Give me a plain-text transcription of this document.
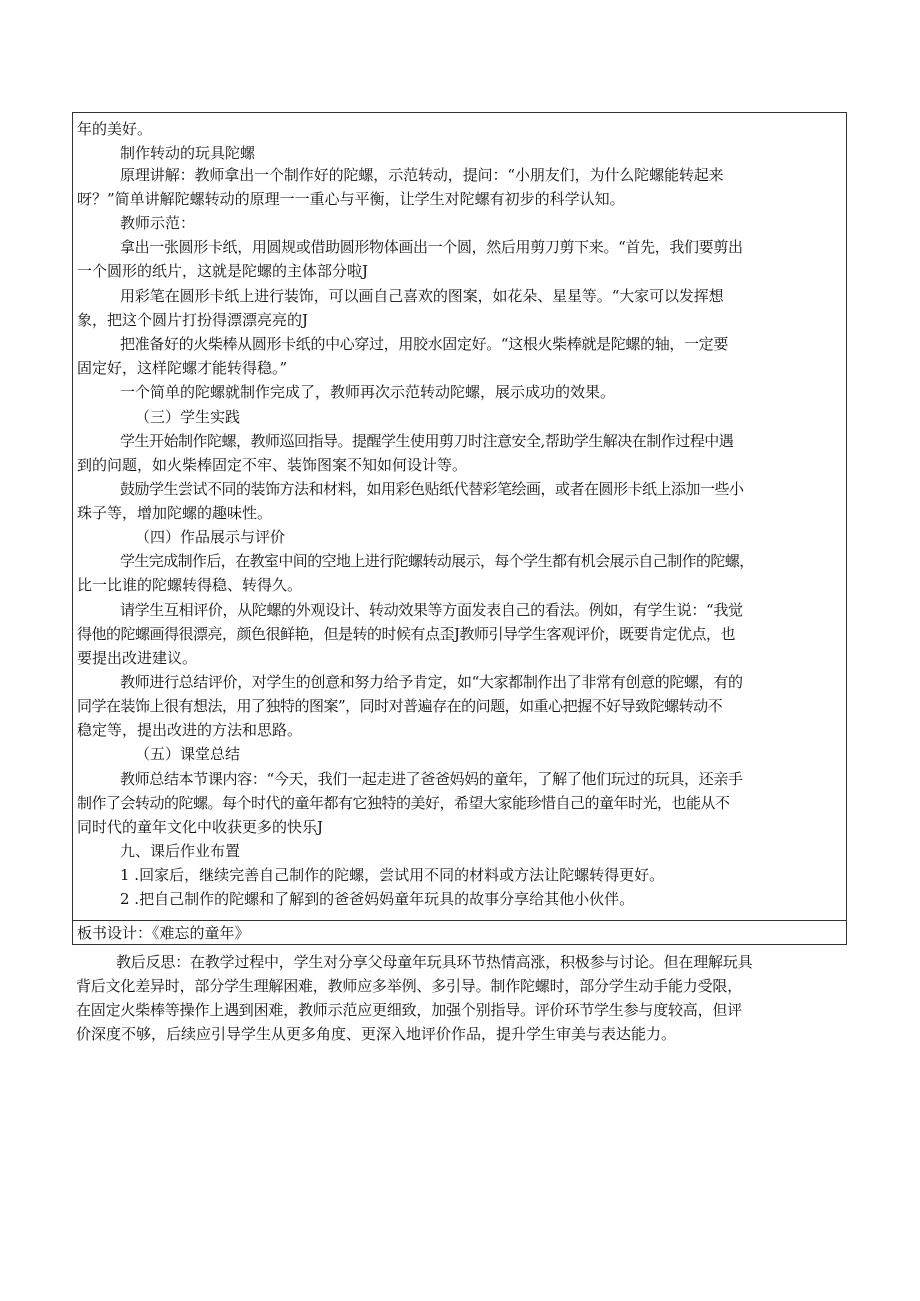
年的美好。

制作转动的玩具陀螺

原理讲解：教师拿出一个制作好的陀螺，示范转动，提问：“小朋友们，为什么陀螺能转起来

呀？”简单讲解陀螺转动的原理一一重心与平衡，让学生对陀螺有初步的科学认知。

教师示范：

拿出一张圆形卡纸，用圆规或借助圆形物体画出一个圆，然后用剪刀剪下来。“首先，我们要剪出

一个圆形的纸片，这就是陀螺的主体部分啦J

用彩笔在圆形卡纸上进行装饰，可以画自己喜欢的图案，如花朵、星星等。“大家可以发挥想

象，把这个圆片打扮得漂漂亮亮的J

把准备好的火柴棒从圆形卡纸的中心穿过，用胶水固定好。“这根火柴棒就是陀螺的轴，一定要

固定好，这样陀螺才能转得稳。”

一个简单的陀螺就制作完成了，教师再次示范转动陀螺，展示成功的效果。

（三）学生实践

学生开始制作陀螺，教师巡回指导。提醒学生使用剪刀时注意安全,帮助学生解决在制作过程中遇

到的问题，如火柴棒固定不牢、装饰图案不知如何设计等。

鼓励学生尝试不同的装饰方法和材料，如用彩色贴纸代替彩笔绘画，或者在圆形卡纸上添加一些小

珠子等，增加陀螺的趣味性。

（四）作品展示与评价

学生完成制作后，在教室中间的空地上进行陀螺转动展示，每个学生都有机会展示自己制作的陀螺，

比一比谁的陀螺转得稳、转得久。

请学生互相评价，从陀螺的外观设计、转动效果等方面发表自己的看法。例如，有学生说：“我觉

得他的陀螺画得很漂亮，颜色很鲜艳，但是转的时候有点歪J教师引导学生客观评价，既要肯定优点，也

要提出改进建议。

教师进行总结评价，对学生的创意和努力给予肯定，如“大家都制作出了非常有创意的陀螺，有的

同学在装饰上很有想法，用了独特的图案”，同时对普遍存在的问题，如重心把握不好导致陀螺转动不

稳定等，提出改进的方法和思路。

（五）课堂总结

教师总结本节课内容：“今天，我们一起走进了爸爸妈妈的童年，了解了他们玩过的玩具，还亲手

制作了会转动的陀螺。每个时代的童年都有它独特的美好，希望大家能珍惜自己的童年时光，也能从不

同时代的童年文化中收获更多的快乐J

九、课后作业布置

1 .回家后，继续完善自己制作的陀螺，尝试用不同的材料或方法让陀螺转得更好。

2 .把自己制作的陀螺和了解到的爸爸妈妈童年玩具的故事分享给其他小伙伴。

板书设计：《难忘的童年》

教后反思：在教学过程中，学生对分享父母童年玩具环节热情高涨，积极参与讨论。但在理解玩具

背后文化差异时，部分学生理解困难，教师应多举例、多引导。制作陀螺时，部分学生动手能力受限，

在固定火柴棒等操作上遇到困难，教师示范应更细致，加强个别指导。评价环节学生参与度较高，但评

价深度不够，后续应引导学生从更多角度、更深入地评价作品，提升学生审美与表达能力。
